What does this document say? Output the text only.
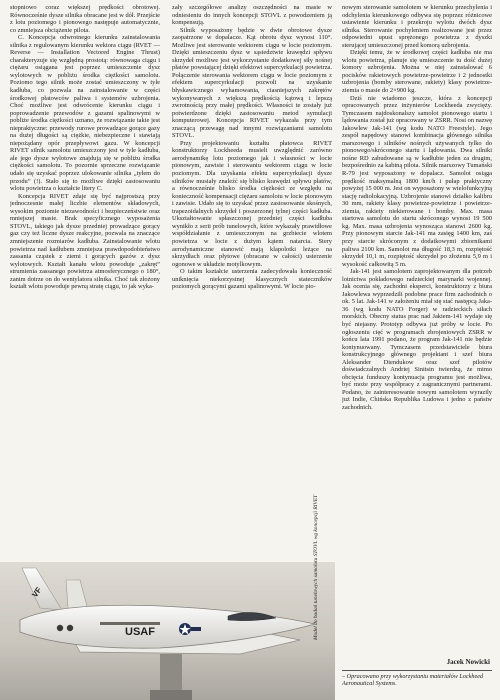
stopniowo coraz większej prędkości obrotowej. Równocześnie dysze silnika obracane jest w dół. Przejście z lotu poziomego i pionowego następuje automatycznie, co zmniejsza obciążenie pilota.

C. Koncepcja odwrotnego kierunku zainstalowania silnika z regulowanym kierunku wektora ciągu (RVET — Reverse — Installation Vectored Engine Thrust) charakteryzuje się względną prostotą: równowaga ciągu i ciężaru osiągana jest poprzez umieszczenie dysz wylotowych w pobliżu środka ciężkości samolotu. Poziomo tego silnik może zostać umieszczony w tyle kadłuba, co pozwala na zainstalowanie w części środkowej płatowców paliwa i systemów uzbrojenia. Choć możliwe jest odwrócenie kierunku ciągu i poprowadzenie przewodów z gazami spalinowymi w pobliże środka ciężkości uznano, że rozwiązanie takie jest niepraktyczne: przewody rurowe prowadzące gorące gazy na dużej długości są ciężkie, niebezpieczne i stawiają niepożądany opór przepływowi gazu. W koncepcji RIVET silnik samolotu umieszczony jest w tyle kadłuba, ale jego dysze wylotowe znajdują się w pobliżu środka ciężkości samolotu. To pozornie sprzeczne rozwiązanie udało się uzyskać poprzez ulokowanie silnika „tyłem do przodu” (!). Stało się to możliwe dzięki zastosowaniu wlotu powietrza o kształcie litery C.

Koncepcja RIVET zdaje się być najprostszą przy jednoczesnie małej liczbie elementów składowych, wysokim poziomie niezawodności i bezpieczeństwie oraz mniejszej masie. Brak specyficznego wyposażenia STOVL, takiego jak dysze przedniej prowadzące gorący gaz czy też liczne dysze reakcyjne, pozwala na znaczące zmniejszenie rozmiarów kadłuba. Zainstalowanie wlotu powietrza nad kadłubem zmniejsza prawdopodobieństwo zassania cząstek z ziemi i gorących gazów z dysz wylotowych. Kształt kanału wlotu powoduje „zakręt” strumienia zassanego powietrza atmosferycznego o 180°, zanim dotrze on do wentylatora silnika. Choć tak złożony kształt wlotu powoduje pewną stratę ciągu, to jak wyka-

zały szczegółowe analizy oszczędności na masie w odniesieniu do innych koncepcji STOVL z powodzeniem ją kompensują.

Silnik wyposażony będzie w dwie obrotowe dysze zaopatrzone w dopalacze. Kąt obrotu dysz wynosi 110°. Możliwe jest sterowanie wektorem ciągu w locie poziomym. Dzięki umieszczeniu dysz w sąsiedztwie krawędzi spływu skrzydeł możliwe jest wykorzystanie dodatkowej siły nośnej płatów powstającej dzięki efektowi supercyrkulacji powietrza. Połączenie sterowania wektorem ciągu w locie poziomym z efektem supercyrkulacji pozwoli na uzyskanie błyskawicznego wyhamowania, ciasniejszych zakrętów wykonywanych z większą prędkością kątową i lepszą zwrotnością przy małej prędkości. Własności te zostały już potwierdzone dzięki zastosowaniu metod symulacji komputerowej. Koncepcja RIVET wykazała przy tym znaczącą przewagę nad innymi rozwiązaniami samolotu STOVL.

Przy projektowaniu kształtu płatowca RIVET konstruktorzy Lockheeda musieli uwzględnić zarówno aerodynamikę lotu poziomego jak i własności w locie pionowym, zawisie i sterowaniu wektorem ciągu w locie poziomym. Dla uzyskania efektu supercyrkulacji dysze silników musiały znaleźć się blisko krawędzi spływu płatów, a równocześnie blisko środka ciężkości ze względu na konieczność kompensacji ciężaru samolotu w locie pionowym i zawisie. Udało się to uzyskać przez zastosowanie skośnych, trapezoidalnych skrzydeł i poszerzonej tylnej części kadłuba. Ukształtowanie spłaszczonej przedniej części kadłuba wynikło z serii prób tunelowych, które wykazały prawidłowe współdziałanie z umieszczonym na grzbiecie wlotem powietrza w locie z dużym kątem natarcia. Stery aerodynamiczne stanowić mają klapolotki leżące na skrzydłach oraz płytowe (obracane w całości) usterzenie ogonowe w układzie motylkowym.

O taktm kształcie usterzenia zadecydowała konieczność uniknięcia niekorzystnej klasycznych stateczników poziomych gorącymi gazami spalinowymi. W locie pio-

nowym sterowanie samolotem w kierunku przechylenia i odchylenia kierunkowego odbywa się poprzez różnicowe ustawienie kierunku i przekroju wylotu dwóch dysz silnika. Sterowanie pochyleniem realizowane jest przez odpowiedni upust sprężonego powietrza z dyszki sterującej umieszczonej przed komorą uzbrojenia.

Dzięki temu, że w środkowej części kadłuba nie ma wlotu powietrza, planuje się umieszczenie tu dość dużej komory uzbrojenia. Można w niej zainstalować 6 pocisków rakietowych powietrze-powietrze i 2 jednostki uzbrojenia (bomby sterowane, rakiety) klasy powietrze-ziemia o masie do 2×900 kg.

Dziś nie wiadomo jeszcze, która z koncepcji opracowanych przez inżynierów Lockheeda zwycięży. Tymczasem najdoskonalszy samolot pionowego startu i lądowania został już opracowany w ZSRR. Nosi on nazwę Jakowlew Jak-141 (wg kodu NATO Freestyle). Jego zespół napędowy stanowi kombinacja głównego silnika marszowego i silników nośnych używanych tylko do pionowego/skróconego startu i lądowania. Dwa silniki nośne RD zabudowane są w kadłubie jeden za drugim, bezpośrednio za kabiną pilota. Silnik marszowy Tumański R-79 jest wyposażony w dopalacz. Samolot osiąga prędkość maksymalną 1800 km/h i pułap praktyczny powyżej 15 000 m. Jest on wyposażony w wielofunkcyjną stację radiolokacyjną. Uzbrojenie stanowi działko kalibru 30 mm, rakiety klasy powietrze-powietrze i powietrze-ziemia, rakiety niekierowane i bomby. Max. masa startowa samolotu do startu skróconego wynosi 19 500 kg. Max. masa uzbrojenia wynosząca stanowi 2600 kg. Przy pionowym starcie Jak-141 ma zasięg 1400 km, zaś przy starcie skróconym z dodatkowymi zbiornikami paliwa 2100 km. Samolot ma długość 18,3 m, rozpiętość skrzydeł 10,1 m, rozpiętość skrzydeł po złożeniu 5,9 m i wysokość całkowitą 5 m.

Jak-141 jest samolotem zaprojektowanym dla potrzeb lotnictwa pokładowego radzieckiej marynarki wojennej. Jak ocenia się, zachodni eksperci, konstruktorzy z biura Jakowlewa wyprzedzili podobne prace firm zachodnich o ok. 5 lat. Jak-141 w założeniu miał się stać następcą Jaka-36 (wg kodu NATO Forger) w radzieckich siłach morskich. Obecny status prac nad Jakiem-141 wydaje się być niejasny. Prototyp odbywa już próby w locie. Po ogłoszeniu cięć w programach zbrojeniowych ZSRR w końcu lata 1991 podano, że program Jak-141 nie będzie kontynuowany. Tymczasem przedstawiciele biura konstrukcyjnego głównego projektant i szef biura Aleksander Diendukow oraz szef pilotów doświadczalnych Andriej Sinitsin twierdzą, że mimo obcięcia funduszy kontynuacja programu jest możliwa, być może przy współpracy z zagranicznymi partnerami. Podano, że zainteresowanie nowym samolotem wyrazily już Indie, Chińska Republika Ludowa i jedno z państw zachodnich.

USAF
VF	Model do badań tunelowych samolotu STOVL wg koncepcji RIVET
Jacek Nowicki
– Opracowano przy wykorzystaniu materiałów Lockheed Aeronautical Systems.
